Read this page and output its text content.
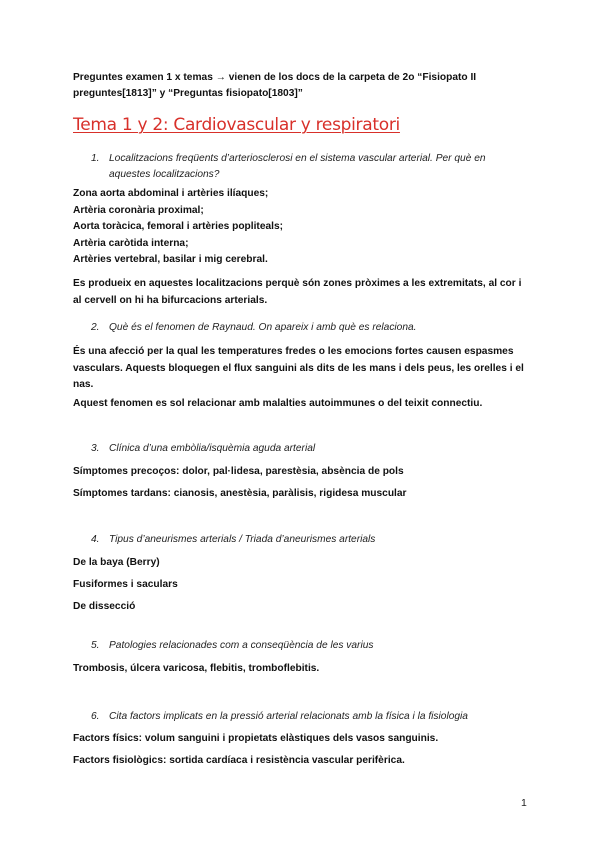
Preguntes examen 1 x temas → vienen de los docs de la carpeta de 2o “Fisiopato II preguntes[1813]” y “Preguntas fisiopato[1803]”
Tema 1 y 2: Cardiovascular y respiratori
1. Localitzacions freqüents d’arteriosclerosi en el sistema vascular arterial. Per què en
aquestes localitzacions?
Zona aorta abdominal i artèries ilíaques;
Artèria coronària proximal;
Aorta toràcica, femoral i artèries popliteals;
Artèria caròtida interna;
Artèries vertebral, basilar i mig cerebral.
Es produeix en aquestes localitzacions perquè són zones pròximes a les extremitats, al cor i
al cervell on hi ha bifurcacions arterials.
2. Què és el fenomen de Raynaud. On apareix i amb què es relaciona.
És una afecció per la qual les temperatures fredes o les emocions fortes causen espasmes
vasculars. Aquests bloquegen el flux sanguini als dits de les mans i dels peus, les orelles i el
nas.
Aquest fenomen es sol relacionar amb malalties autoimmunes o del teixit connectiu.
3. Clínica d’una embòlia/isquèmia aguda arterial
Símptomes precoços: dolor, pal·lidesa, parestèsia, absència de pols
Símptomes tardans: cianosis, anestèsia, paràlisis, rigidesa muscular
4. Tipus d’aneurismes arterials / Triada d’aneurismes arterials
De la baya (Berry)
Fusiformes i saculars
De dissecció
5. Patologies relacionades com a conseqüència de les varius
Trombosis, úlcera varicosa, flebitis, tromboflebitis.
6. Cita factors implicats en la pressió arterial relacionats amb la física i la fisiologia
Factors físics: volum sanguini i propietats elàstiques dels vasos sanguinis.
Factors fisiològics: sortida cardíaca i resistència vascular perifèrica.
1
